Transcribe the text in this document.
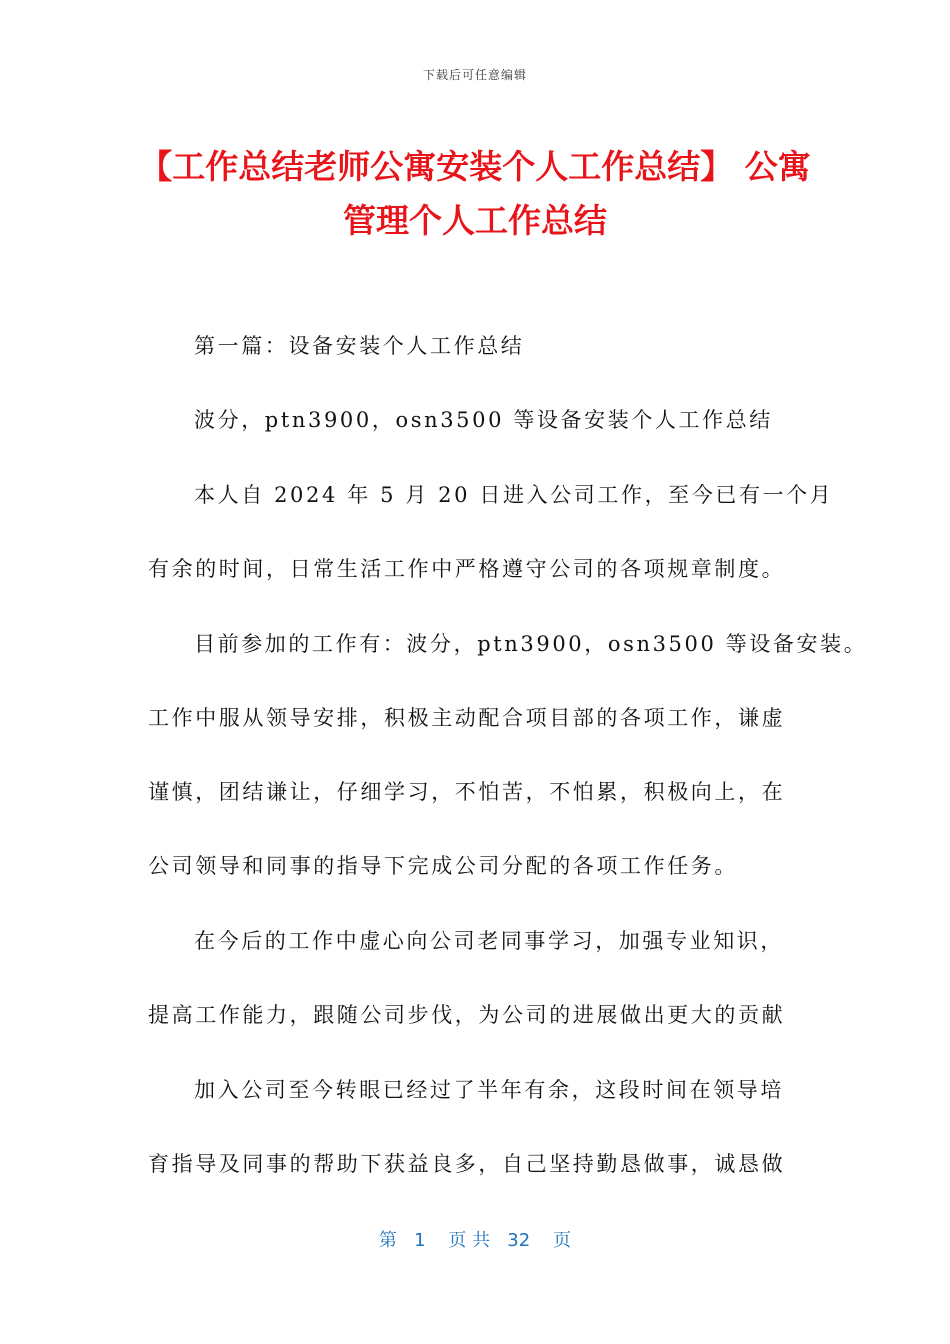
下载后可任意编辑
【工作总结老师公寓安装个人工作总结】 公寓管理个人工作总结
第一篇：设备安装个人工作总结
波分，ptn3900，osn3500 等设备安装个人工作总结
本人自 2024 年 5 月 20 日进入公司工作，至今已有一个月
有余的时间，日常生活工作中严格遵守公司的各项规章制度。
目前参加的工作有：波分，ptn3900，osn3500 等设备安装。
工作中服从领导安排，积极主动配合项目部的各项工作，谦虚
谨慎，团结谦让，仔细学习，不怕苦，不怕累，积极向上，在
公司领导和同事的指导下完成公司分配的各项工作任务。
在今后的工作中虚心向公司老同事学习，加强专业知识，
提高工作能力，跟随公司步伐，为公司的进展做出更大的贡献
加入公司至今转眼已经过了半年有余，这段时间在领导培
育指导及同事的帮助下获益良多，自己坚持勤恳做事，诚恳做
第   1    页 共   32    页
